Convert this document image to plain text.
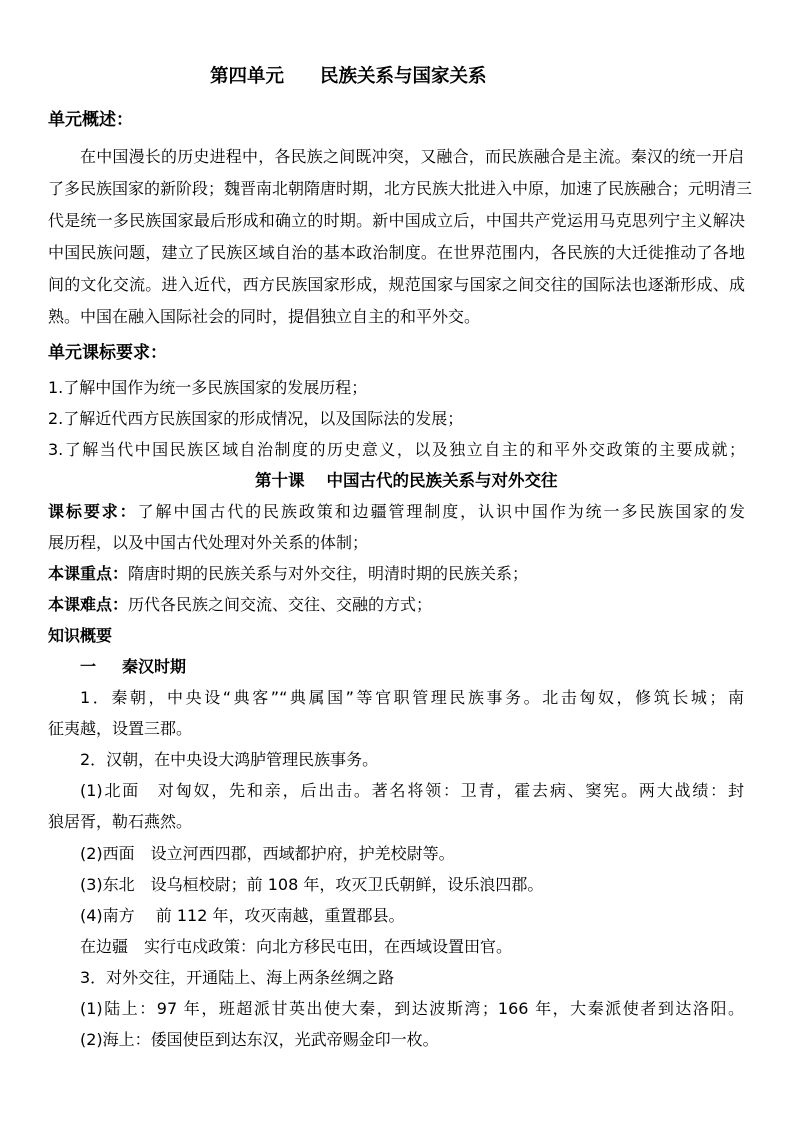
第四单元 民族关系与国家关系
单元概述：
在中国漫长的历史进程中，各民族之间既冲突，又融合，而民族融合是主流。秦汉的统一开启
了多民族国家的新阶段；魏晋南北朝隋唐时期，北方民族大批进入中原，加速了民族融合；元明清三
代是统一多民族国家最后形成和确立的时期。新中国成立后，中国共产党运用马克思列宁主义解决
中国民族问题，建立了民族区域自治的基本政治制度。在世界范围内，各民族的大迁徙推动了各地
间的文化交流。进入近代，西方民族国家形成，规范国家与国家之间交往的国际法也逐渐形成、成
熟。中国在融入国际社会的同时，提倡独立自主的和平外交。
单元课标要求：
1.了解中国作为统一多民族国家的发展历程；
2.了解近代西方民族国家的形成情况，以及国际法的发展；
3.了解当代中国民族区域自治制度的历史意义，以及独立自主的和平外交政策的主要成就；
第十课 中国古代的民族关系与对外交往
课标要求：了解中国古代的民族政策和边疆管理制度，认识中国作为统一多民族国家的发
展历程，以及中国古代处理对外关系的体制；
本课重点：隋唐时期的民族关系与对外交往，明清时期的民族关系；
本课难点：历代各民族之间交流、交往、交融的方式；
知识概要
一 秦汉时期
1．秦朝，中央设“典客”“典属国”等官职管理民族事务。北击匈奴，修筑长城；南
征夷越，设置三郡。
2．汉朝，在中央设大鸿胪管理民族事务。
(1)北面　对匈奴，先和亲，后出击。著名将领：卫青，霍去病、窦宪。两大战绩：封
狼居胥，勒石燕然。
(2)西面　设立河西四郡，西域都护府，护羌校尉等。
(3)东北　设乌桓校尉；前 108 年，攻灭卫氏朝鲜，设乐浪四郡。
(4)南方　 前 112 年，攻灭南越，重置郡县。
在边疆　实行屯戍政策：向北方移民屯田，在西域设置田官。
3．对外交往，开通陆上、海上两条丝绸之路
(1)陆上：97 年，班超派甘英出使大秦，到达波斯湾；166 年，大秦派使者到达洛阳。
(2)海上：倭国使臣到达东汉，光武帝赐金印一枚。
